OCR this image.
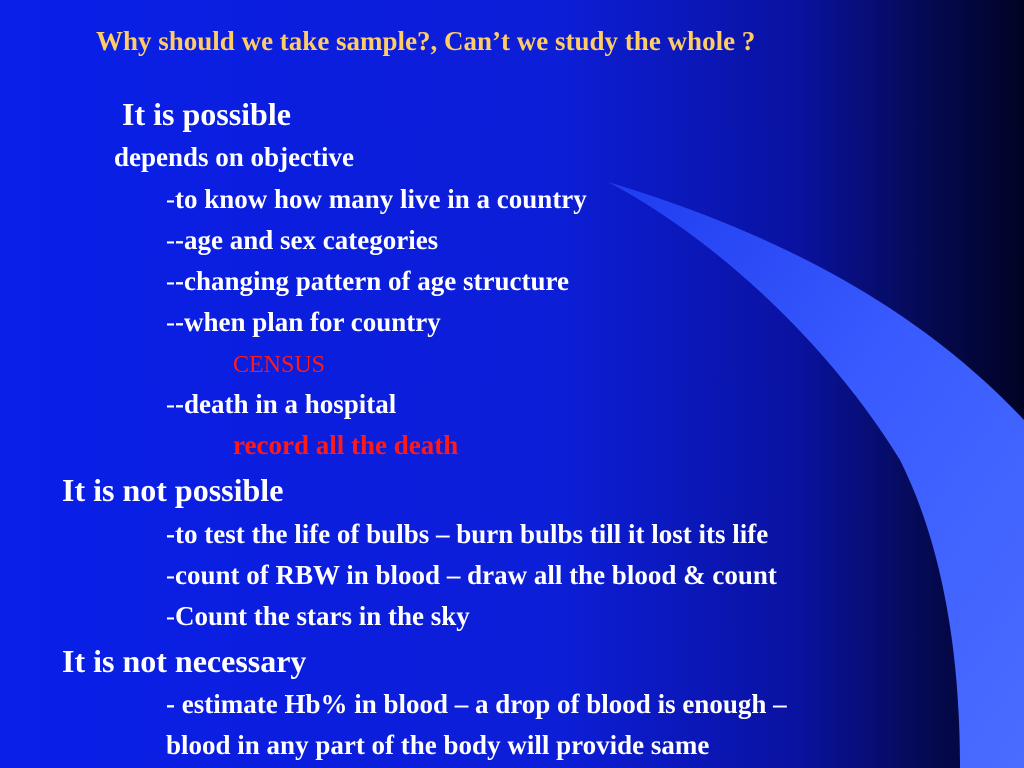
Why should we take sample?, Can’t we study the whole ?
It is possible
depends on objective
-to know how many live in a country
--age and sex categories
--changing pattern of age structure
--when plan for country
CENSUS
--death in a hospital
record all the death
It is not possible
-to test the life of bulbs – burn bulbs till it lost its life
-count of RBW in blood – draw all the blood & count
-Count the stars in the sky
It is not necessary
- estimate Hb% in blood – a drop of blood is enough –
blood in any part of the body will provide same
